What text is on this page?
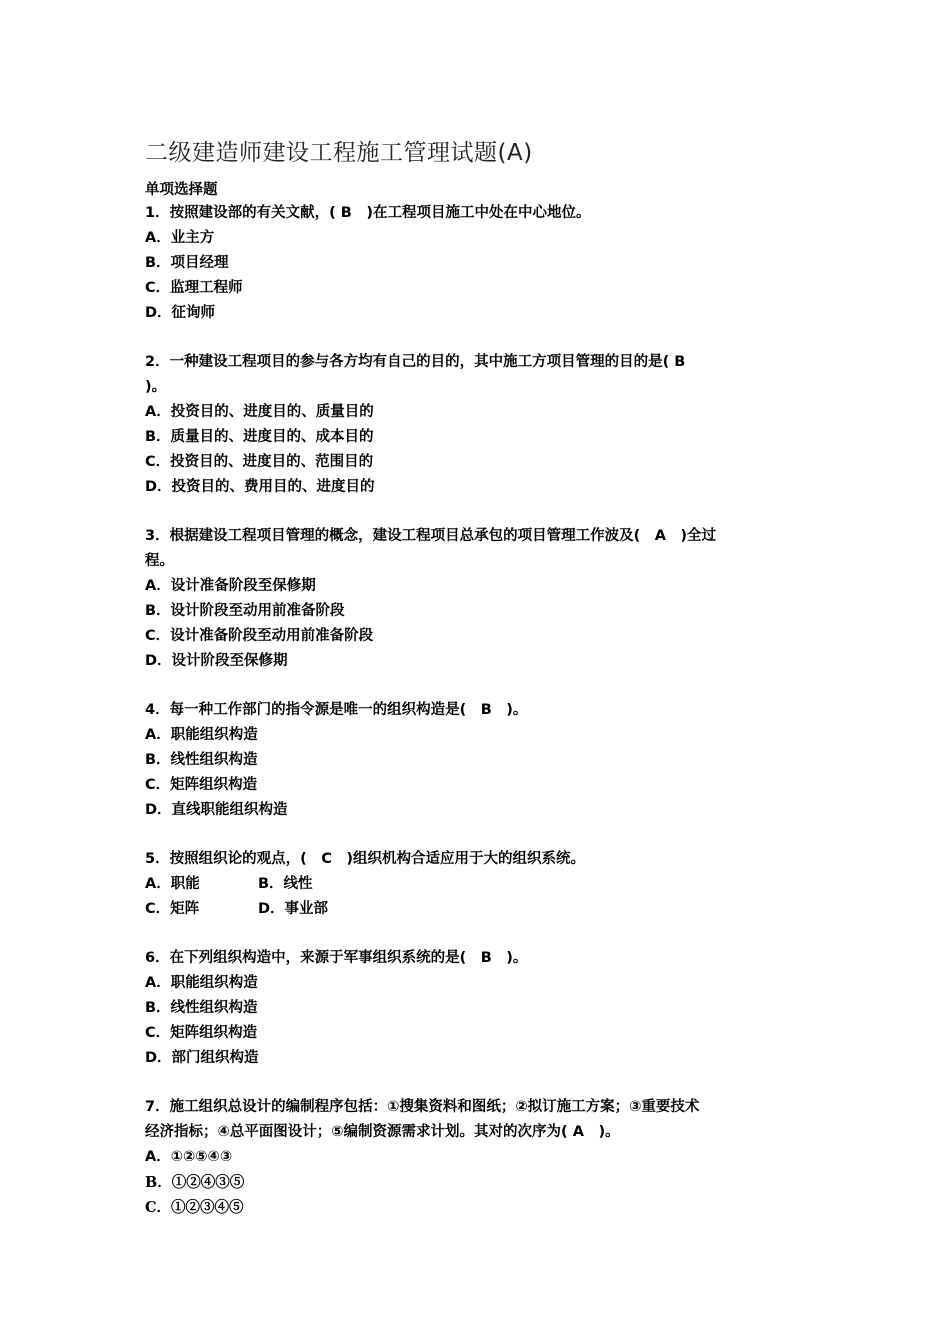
二级建造师建设工程施工管理试题(A)
单项选择题
1．按照建设部的有关文献，( B　)在工程项目施工中处在中心地位。
A．业主方
B．项目经理
C．监理工程师
D．征询师
2．一种建设工程项目的参与各方均有自己的目的，其中施工方项目管理的目的是( B
)。
A．投资目的、进度目的、质量目的
B．质量目的、进度目的、成本目的
C．投资目的、进度目的、范围目的
D．投资目的、费用目的、进度目的
3．根据建设工程项目管理的概念，建设工程项目总承包的项目管理工作波及(　A　)全过
程。
A．设计准备阶段至保修期
B．设计阶段至动用前准备阶段
C．设计准备阶段至动用前准备阶段
D．设计阶段至保修期
4．每一种工作部门的指令源是唯一的组织构造是(　B　)。
A．职能组织构造
B．线性组织构造
C．矩阵组织构造
D．直线职能组织构造
5．按照组织论的观点，(　C　)组织机构合适应用于大的组织系统。
A．职能	B．线性
C．矩阵	D．事业部
6．在下列组织构造中，来源于军事组织系统的是(　B　)。
A．职能组织构造
B．线性组织构造
C．矩阵组织构造
D．部门组织构造
7．施工组织总设计的编制程序包括：①搜集资料和图纸；②拟订施工方案；③重要技术
经济指标；④总平面图设计；⑤编制资源需求计划。其对的次序为( A　)。
A．①②⑤④③
B．①②④③⑤
C．①②③④⑤
